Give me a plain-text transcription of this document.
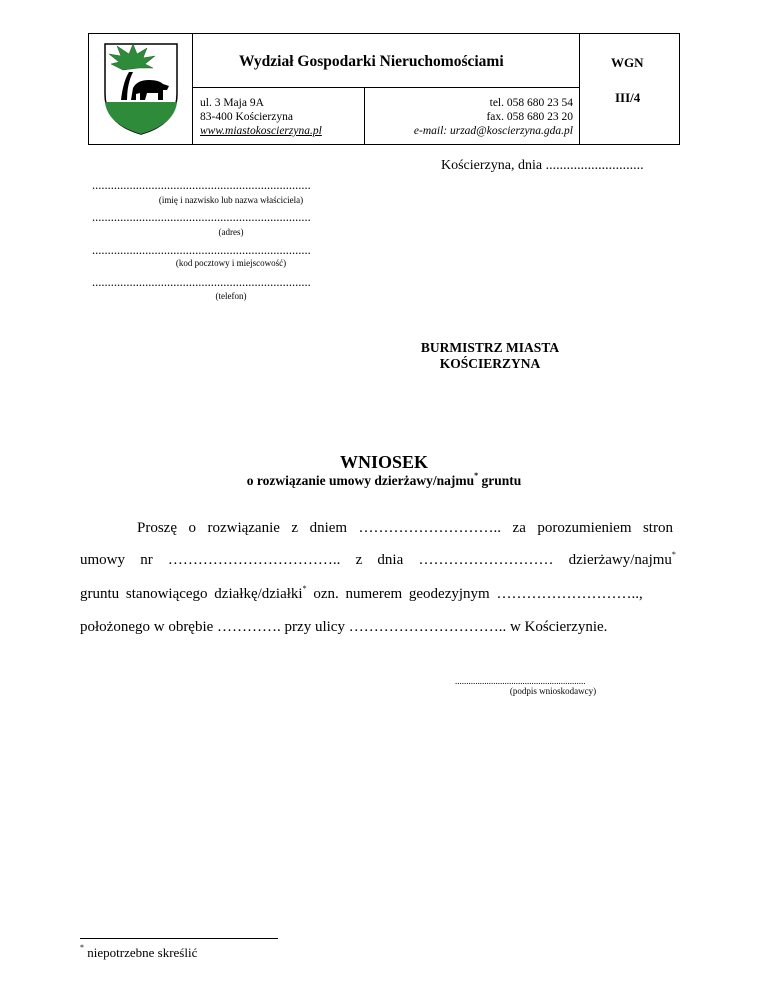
Wydział Gospodarki Nieruchomościami	WGN
III/4
ul. 3 Maja 9A
83-400 Kościerzyna
www.miastokoscierzyna.pl
tel. 058 680 23 54
fax. 058 680 23 20
e-mail: urzad@koscierzyna.gda.pl
Kościerzyna, dnia ............................
......................................................................
(imię i nazwisko lub nazwa właściciela)
......................................................................
(adres)
......................................................................
(kod pocztowy i miejscowość)
......................................................................
(telefon)
BURMISTRZ MIASTA
KOŚCIERZYNA
WNIOSEK
o rozwiązanie umowy dzierżawy/najmu* gruntu
Proszę o rozwiązanie z dniem ……………………….. za porozumieniem stron
umowy nr …………………………….. z dnia ……………………… dzierżawy/najmu*
gruntu stanowiącego działkę/działki* ozn. numerem geodezyjnym ………………………..,
położonego w obrębie …………. przy ulicy ………………………….. w Kościerzynie.
..........................................................
(podpis wnioskodawcy)
* niepotrzebne skreślić
